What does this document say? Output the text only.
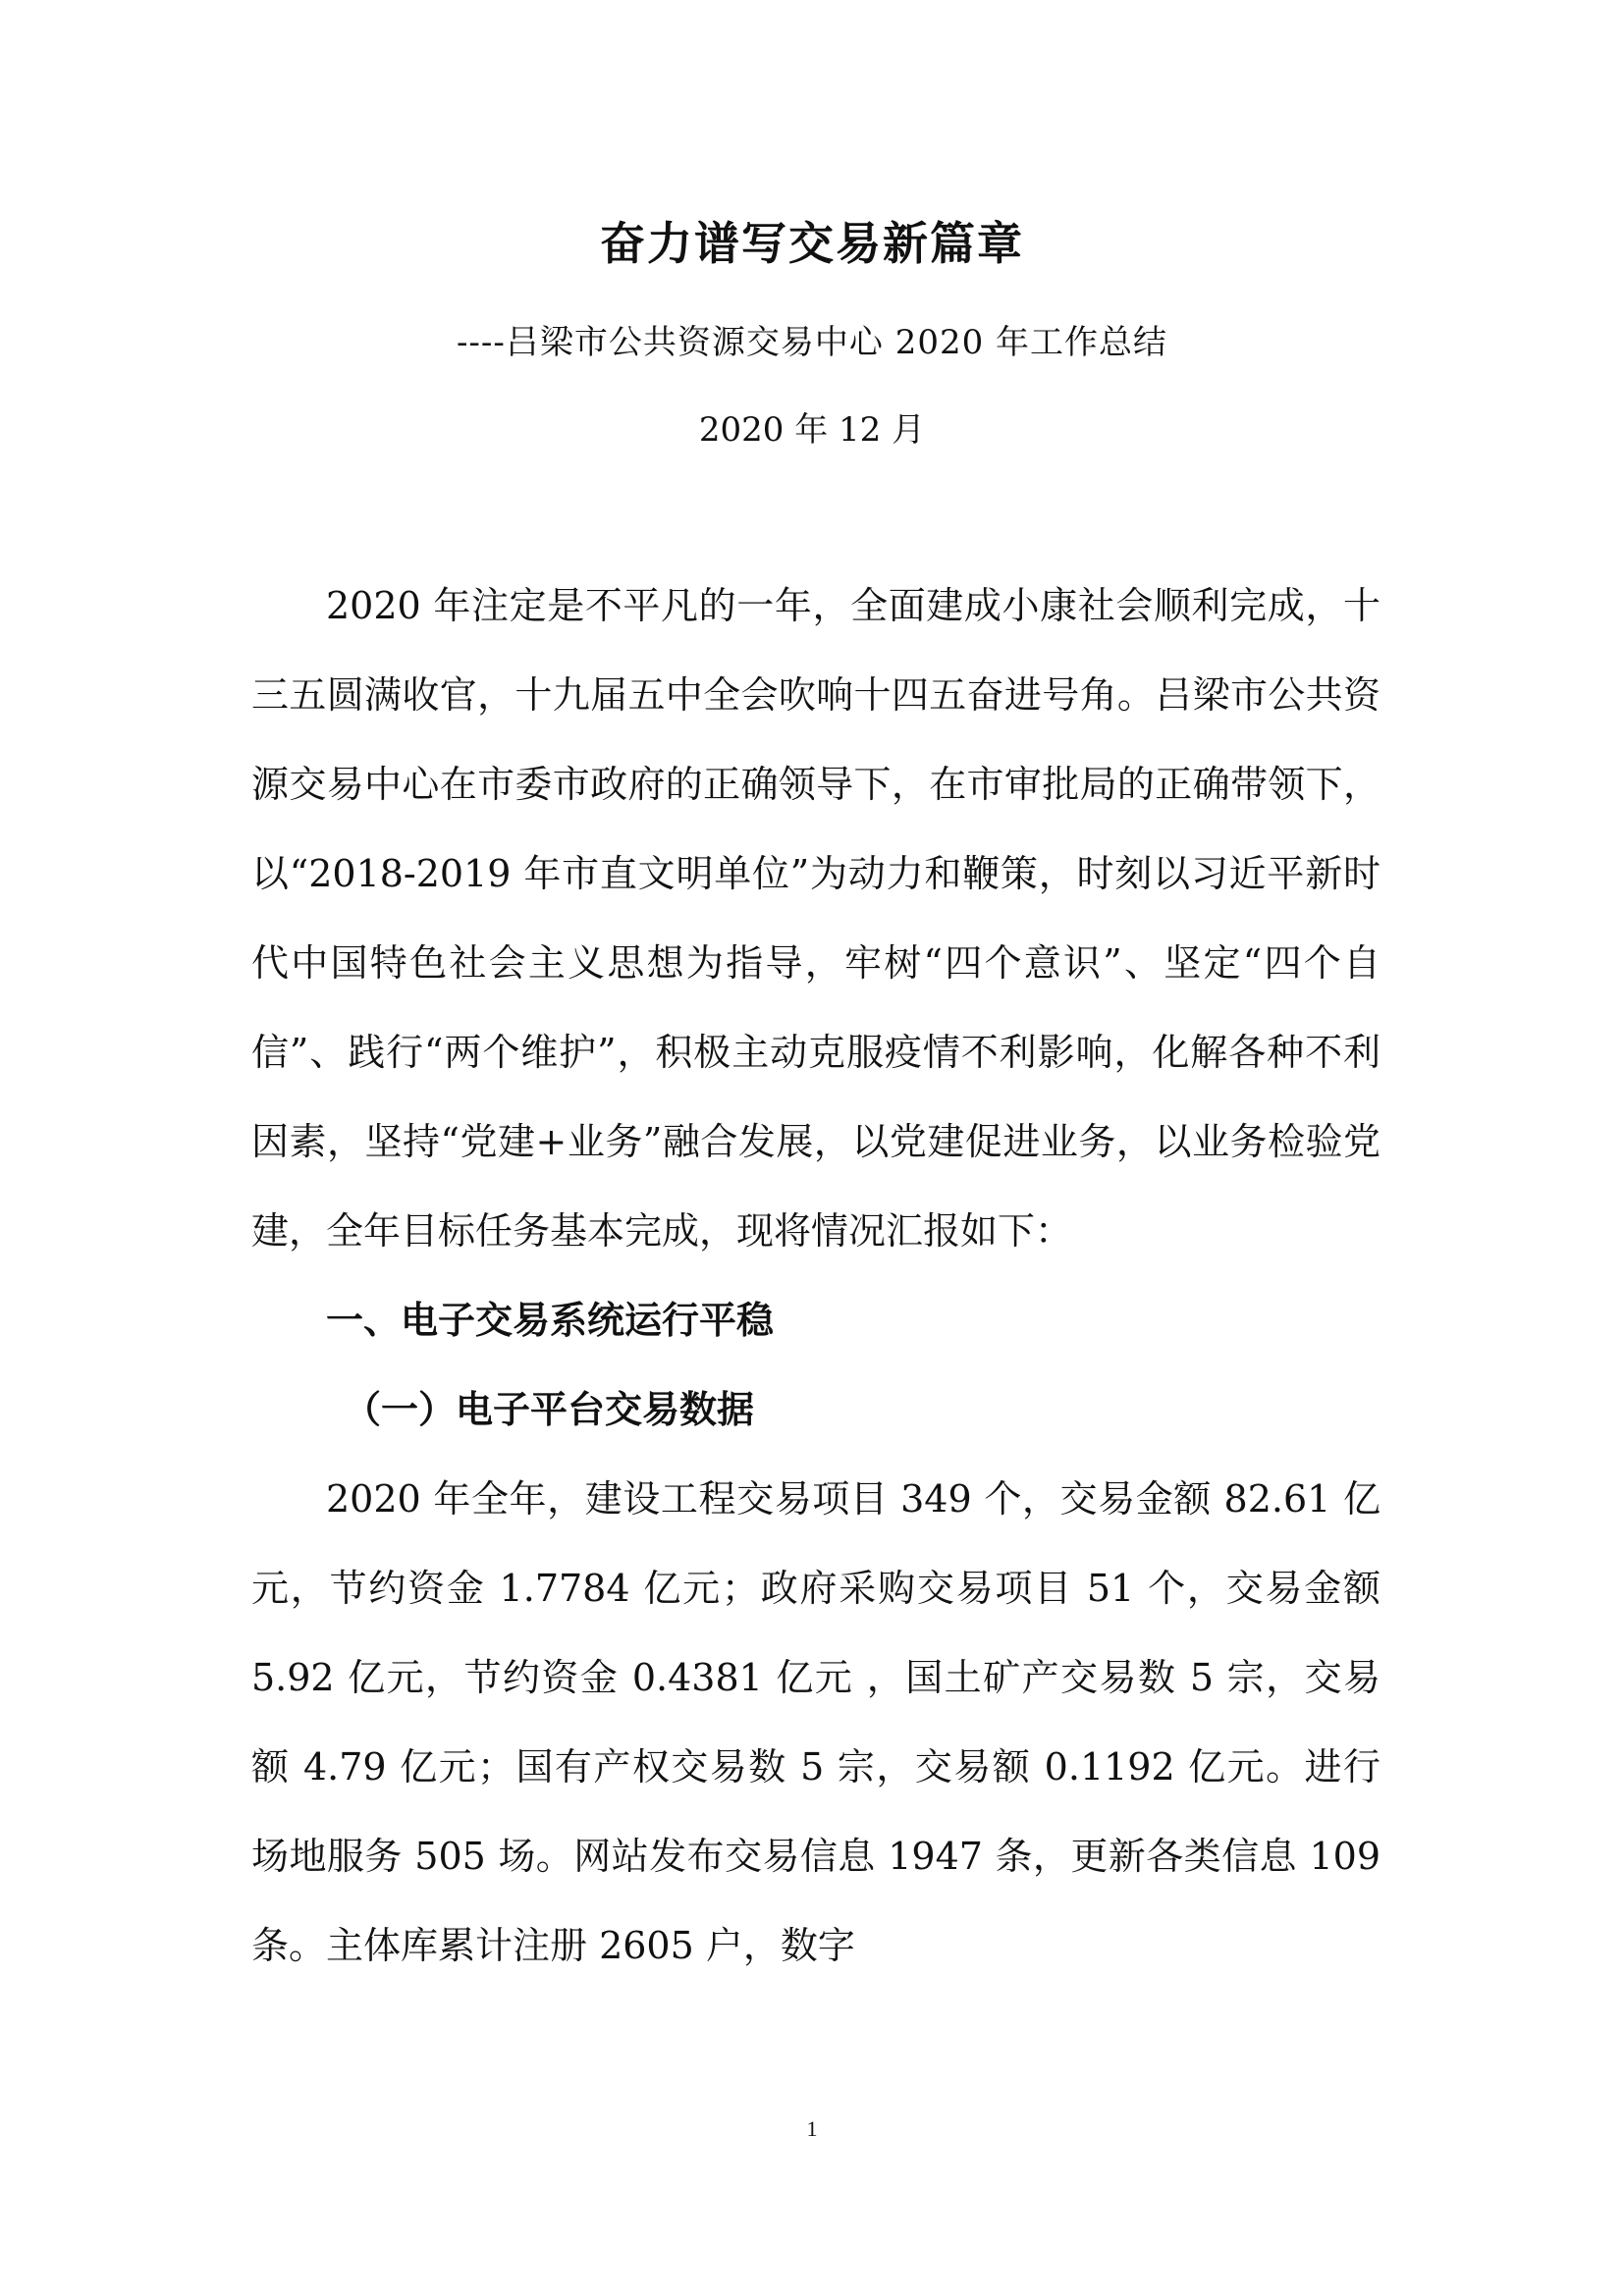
奋力谱写交易新篇章
----吕梁市公共资源交易中心 2020 年工作总结
2020 年 12 月

2020 年注定是不平凡的一年，全面建成小康社会顺利完成，十三五圆满收官，十九届五中全会吹响十四五奋进号角。吕梁市公共资源交易中心在市委市政府的正确领导下，在市审批局的正确带领下，以“2018-2019 年市直文明单位”为动力和鞭策，时刻以习近平新时代中国特色社会主义思想为指导，牢树“四个意识”、坚定“四个自信”、践行“两个维护”，积极主动克服疫情不利影响，化解各种不利因素，坚持“党建+业务”融合发展，以党建促进业务，以业务检验党建，全年目标任务基本完成，现将情况汇报如下：

一、电子交易系统运行平稳

（一）电子平台交易数据

2020 年全年，建设工程交易项目 349 个，交易金额 82.61 亿元，节约资金 1.7784 亿元；政府采购交易项目 51 个，交易金额 5.92 亿元，节约资金 0.4381 亿元 ，国土矿产交易数 5 宗，交易额 4.79 亿元；国有产权交易数 5 宗，交易额 0.1192 亿元。进行场地服务 505 场。网站发布交易信息 1947 条，更新各类信息 109 条。主体库累计注册 2605 户，数字

1
